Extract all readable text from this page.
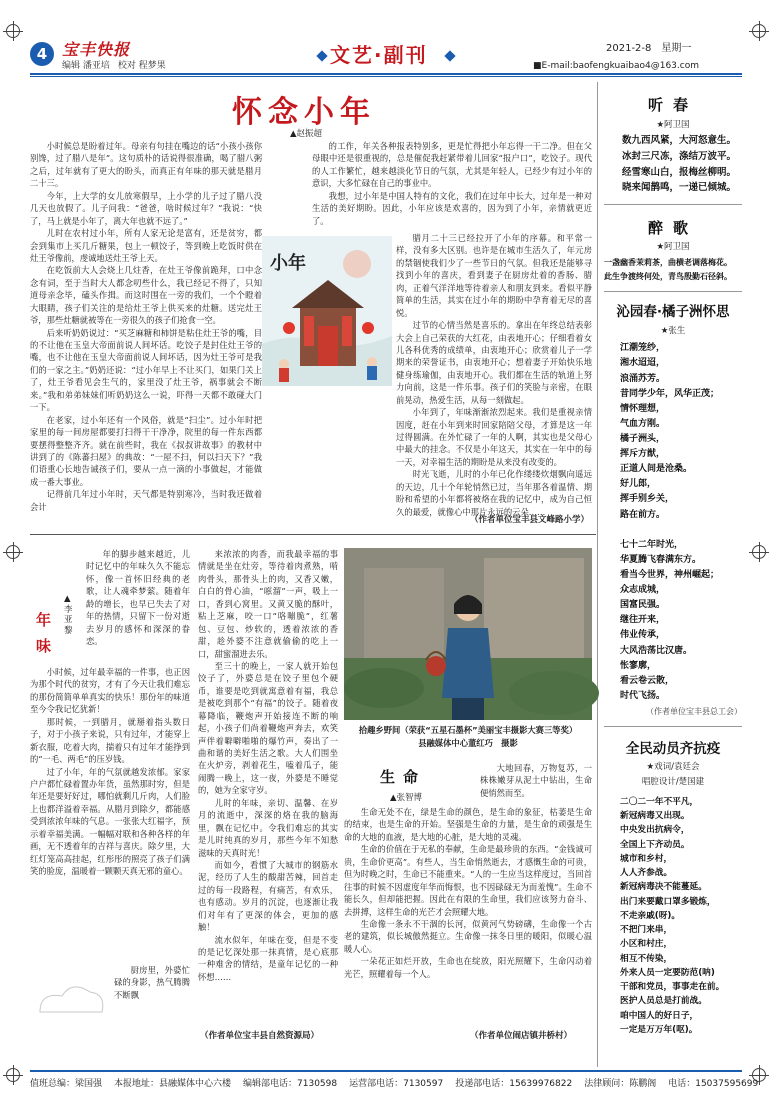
4 宝丰快报
编辑 潘亚培 校对 程梦果	文艺·副刊	2021-2-8　 星期一
■E-mail:baofengkuaibao4@163.com
怀念小年
▲赵振超

小时候总是盼着过年。母亲有句挂在嘴边的话“小孩小孩你别馋，过了腊八是年”。这句质朴的话说得很准确，喝了腊八粥之后，过年就有了更大的盼头，而真正有年味的那天就是腊月二十三。

今年，上大学的女儿放寒假早，上小学的儿子过了腊八没几天也放假了。儿子问我：“爸爸，啥时候过年？”我说：“快了，马上就是小年了，离大年也就不远了。”

儿时在农村过小年，所有人家无论是富有，还是贫穷，都会到集市上买几斤糖果，包上一顿饺子，等到晚上吃饭时供在灶王爷像前，虔诚地送灶王爷上天。

在吃饭前大人会烧上几炷香，在灶王爷像前跪拜，口中念念有词，至于当时大人都念叨些什么，我已经记不得了，只知道母亲念毕，磕头作揖。而这时围在一旁的我们，一个个瞪着大眼睛，孩子们关注的是给灶王爷上供买来的灶糖。送完灶王爷，那些灶糖就被等在一旁很久的孩子们抢食一空。

后来听奶奶说过：“买芝麻糖和柿饼是粘住灶王爷的嘴，目的不让他在玉皇大帝面前说人间坏话。吃饺子是封住灶王爷的嘴，也不让他在玉皇大帝面前说人间坏话，因为灶王爷可是我们的一家之主。”奶奶还说：“过小年早上不让买门，如果门关上了，灶王爷看见会生气的，家里没了灶王爷，祸事就会不断来。”我和弟弟妹妹们听奶奶这么一说，吓得一天都不敢碰大门一下。

在老家，过小年还有一个风俗，就是“扫尘”。过小年时把家里的每一间房屋都要打扫得干干净净，院里的每一件东西都要摆得整整齐齐。就在前些时，我在《叔叔讲故事》的教材中讲到了的《陈蕃扫屋》的典故：“一屋不扫，何以扫天下？”我们语重心长地告诫孩子们，要从一点一滴的小事做起，才能做成一番大事业。

记得前几年过小年时，天气都是特别寒冷，当时我还做着会计

的工作，年关各种报表特别多，更是忙得把小年忘得一干二净。但在父母眼中还是很重视的，总是催促我赶紧带着儿回家“报户口”，吃饺子。现代的人工作繁忙，越来越淡化节日的气氛，尤其是年轻人，已经少有过小年的意识，大多忙碌在自己的事业中。

我想，过小年是中国人特有的文化，我们在过年中长大，过年是一种对生活的美好期盼。因此，小年应该是欢喜的，因为到了小年，亲情就更近了。

小年

腊月二十三已经拉开了小年的序幕。和平常一样，没有多大区别。也许是在城市生活久了，年元房的禁锢使我们少了一些节日的气氛。但我还是能够寻找到小年的喜庆，看到妻子在厨房灶着的香肠、腊肉，正着气洋洋地等待着亲人和朋友到来。看似平静简单的生活，其实在过小年的期盼中孕育着无尽的喜悦。

过节的心情当然是喜乐的。拿出在年终总结表彰大会上自己荣获的大红花，由表地开心；仔细看着女儿各科优秀的成绩单，由衷地开心；欣赏着儿子一学期来的荣誉证书，由衷地开心；想着妻子开始快乐地健身练瑜伽，由衷地开心。我们都在生活的轨道上努力向前，这是一件乐事。孩子们的笑脸与亲密，在眼前晃动，热爱生活，从每一刻做起。

小年到了，年味渐渐浓烈起来。我们是重视亲情因度，赶在小年到来时回家陪陪父母，才算是这一年过得圆满。在外忙碌了一年的人啊，其实也是父母心中最大的挂念。不仅是小年这天，其实在一年中的每一天，对幸福生活的期盼是从来没有改变的。

时光飞逝，儿时的小年已化作缕缕炊烟飘向遥远的天边，几十个年轮悄然已过，当年那各着温情、期盼和希望的小年都将被烙在我的记忆中，成为自己恒久的最爱，就像心中那片永远的云朵……

（作者单位宝丰县文峰路小学）
年味
▲李亚黎

年的脚步越来越近，儿时记忆中的年味久久不能忘怀，像一首怀旧经典的老歌，让人魂牵梦萦。随着年龄的增长，也早已失去了对年的热情，只留下一份对逝去岁月的感怀和深深的眷恋。

小时候，过年最幸福的一件事，也正因为那个时代的贫穷，才有了今天让我们难忘的那份简简单单真实的快乐！那份年的味道至今令我记忆犹新！

那时候，一到腊月，就掰着指头数日子，对于小孩子来说，只有过年，才能穿上新衣服，吃着大肉，揣着只有过年才能挣到的“一毛、两毛”的压岁钱。

过了小年，年的气氛就越发浓郁。家家户户都忙碌着置办年货，虽然那时穷，但是年还是要好好过，哪怕就剩几斤肉，人们脸上也都洋溢着幸福。从腊月到除夕，都能感受到浓浓年味的气息。一张张大红福字，预示着幸福美满。一幅幅对联和各种各样的年画，无不透着年的吉祥与喜庆。除夕里，大红灯笼高高挂起，红彤彤的照亮了孩子们满笑的脸庞，温暖着一颗颗天真无邪的童心。

厨房里，外婆忙碌的身影，热气腾腾不断飘

来浓浓的肉香，而我最幸福的事情就是坐在灶旁，等待着肉煮熟，啃肉骨头，那骨头上的肉，又香又嫩，白白的骨心油，“嗞溜”一声，吸上一口，香到心窝里。又黄又脆的酥叶，粘上芝麻，咬一口“咯嘣脆”，红薯包、豆包、炒软的，透着浓浓的香甜，趁外婆不注意就偷偷的吃上一口，甜蜜溜进去乐。

至三十的晚上，一家人就开始包饺子了，外婆总是在饺子里包个硬币，谁要是吃到就寓意着有福，我总是被吃到那个“有福”的饺子。随着夜幕降临，鞭炮声开始接连不断的响起，小孩子们尚着鞭炮声奔去，欢笑声伴着噼噼啪啪的爆竹声，奏出了一曲和谐的美好生活之歌。大人们围坐在火炉旁，剥着花生，嗑着瓜子，能闹腾一晚上，这一夜，外婆是不睡觉的，她为全家守岁。

儿时的年味，亲切、温馨、在岁月的流逝中，深深的烙在我的脑海里，飘在记忆中。令我们难忘的其实是儿时纯真的岁月，那些今年不知愁滋味的天真时光！

而如今，看惯了大城市的钢筋水泥，经历了人生的酸甜苦辣，回首走过的每一段路程，有痛苦，有欢乐，也有感动。岁月的沉淀，也逐渐让我们对年有了更深的体会，更加的感触！

流水似年，年味在变，但是不变的是记忆深处那一抹真情，是心底那一种难舍的情结，是童年记忆的一种怀想……

（作者单位宝丰县自然资源局）
拾趣乡野间（荣获“五星石墨杯”美丽宝丰摄影大赛三等奖）
县融媒体中心董红巧　摄影
生命
▲张智博

大地回春，万物复苏，一株株嫩芽从泥土中钻出，生命便悄然而至。

生命无处不在，绿是生命的颜色，是生命的象征，枯萎是生命的结束，也是生命的开始。坚强是生命的力量，是生命的顽强是生命的大地的血液，是大地的心脏，是大地的灵魂。

生命的价值在于无私的奉献，生命是最珍贵的东西。“金钱诚可贵，生命价更高”。有些人，当生命悄然逝去，才感慨生命的可贵，但为时晚之时，生命已不能重来。“人的一生应当这样度过，当回首往事的时候不因虚度年华而悔恨，也不因碌碌无为而羞愧”。生命不能长久，但却能把握。因此在有限的生命里，我们应该努力奋斗、去拼搏，这样生命的光芒才会照耀大地。

生命像一条永不干涸的长河，似黄河气势磅礴，生命像一个古老的建筑，似长城傲然挺立。生命像一抹冬日里的暖阳，似暖心温暖人心。

一朵花正如烂开放，生命也在绽放，阳光照耀下，生命闪动着光芒，照耀着每一个人。

（作者单位闹店镇井桥村）
听春
★阿卫国
数九西风紧，大河怒意生。
冰封三尺冻，涤结万波平。
经雪寒山白，报梅丝柳明。
晓来闻鹊鸣，一递已倾城。
醉歌
★阿卫国
一盏幽香茉莉茶，曲横老调落梅花。
此生争渡终何处，青鸟殷勤石径斜。
沁园春·橘子洲怀思
★张生
江潮笼纱，
湘水迢迢，
浪涌苏芳。
昔同学少年，风华正茂；
情怀理想，
气血方刚。
橘子洲头，
挥斥方猷，
正道人间是沧桑。
好儿郎，
挥手别乡关，
路在前方。

七十二年时光，
华夏腾飞春满东方。
看当今世界，神州崛起；
众志成城，
国富民强。
继往开来，
伟业传承，
大风浩荡比汉唐。
怅寥廓，
看云卷云散，
时代飞扬。
（作者单位宝丰县总工会）
全民动员齐抗疫
★戏词/袁廷会
唱腔设计/楚国建
二〇二一年不平凡，
新冠病毒又出现。
中央发出抗病令，
全国上下齐动员。
城市和乡村，
人人齐参战。
新冠病毒决不能蔓延。
出门来要戴口罩多锻炼，
不走亲戚(呀)。
不把门来串，
小区和村庄，
相互不传染，
外来人员一定要防范(呐)
干部和党员，事事走在前。
医护人员总是打前战。
咱中国人的好日子，
一定是万万年(呕)。
值班总编：梁国强 本报地址：县融媒体中心六楼 编辑部电话：7130598 运营部电话：7130597 投递部电话：15639976822 法律顾问：陈鹏阁 电话：15037595699
